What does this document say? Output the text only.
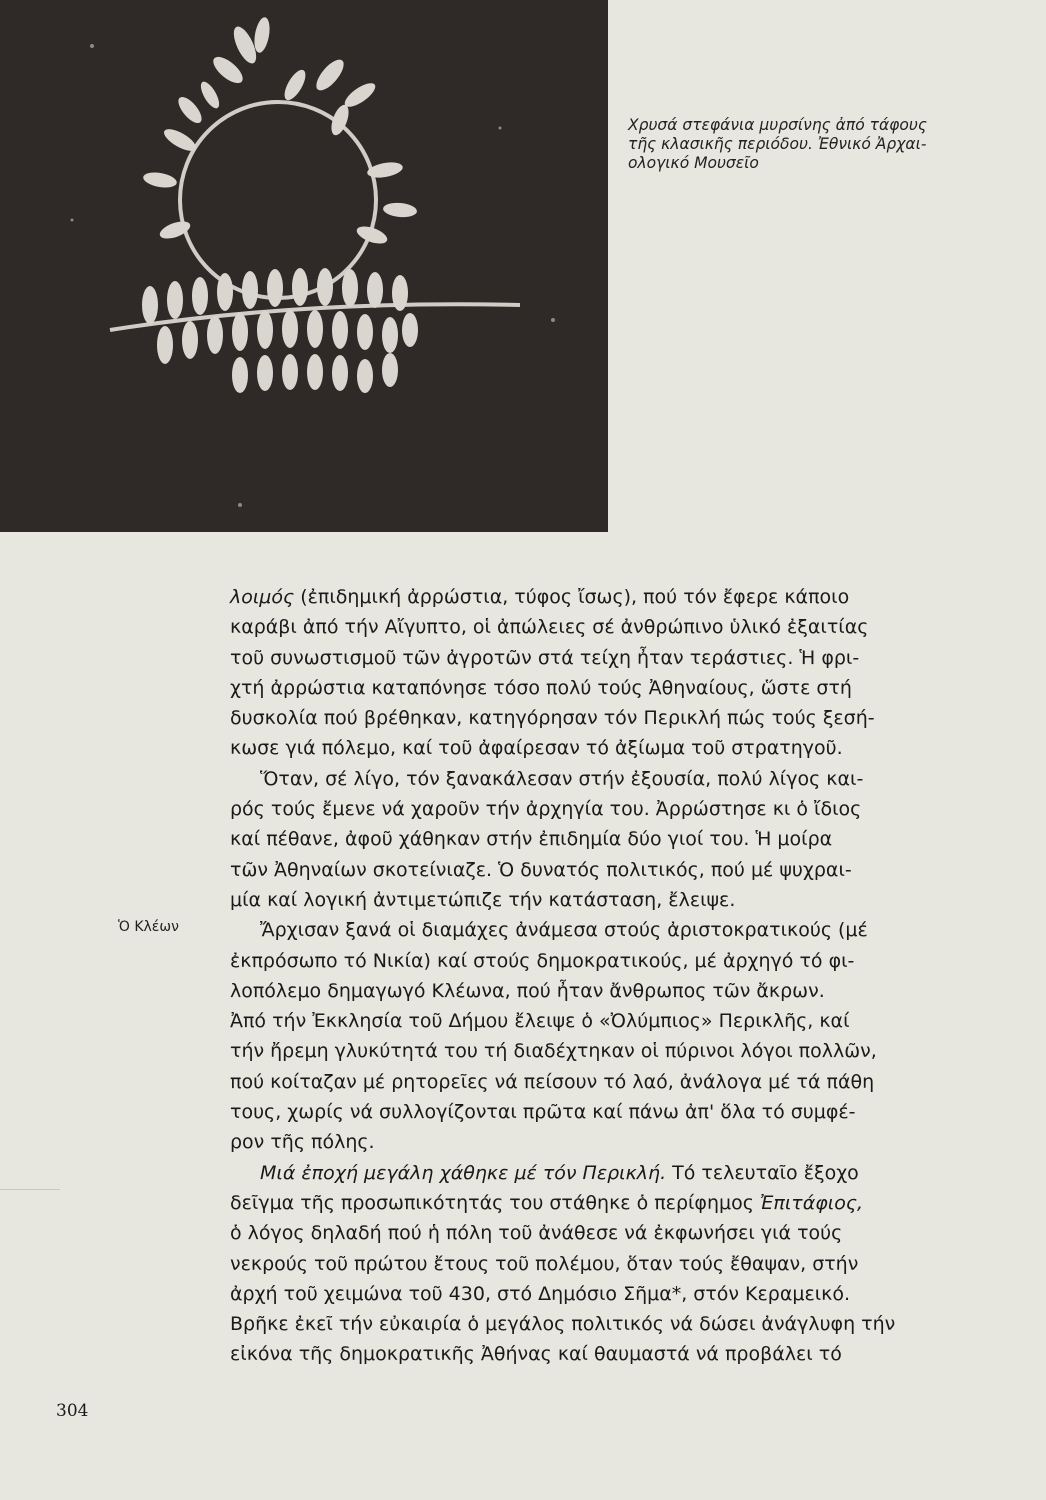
Χρυσά στεφάνια μυρσίνης ἀπό τάφους
τῆς κλασικῆς περιόδου. Ἐθνικό Ἀρχαι-
ολογικό Μουσεῖο
Ὁ Κλέων
λοιμός (ἐπιδημική ἀρρώστια, τύφος ἴσως), πού τόν ἔφερε κάποιο
καράβι ἀπό τήν Αἴγυπτο, οἱ ἀπώλειες σέ ἀνθρώπινο ὑλικό ἐξαιτίας
τοῦ συνωστισμοῦ τῶν ἀγροτῶν στά τείχη ἦταν τεράστιες. Ἡ φρι-
χτή ἀρρώστια καταπόνησε τόσο πολύ τούς Ἀθηναίους, ὥστε στή
δυσκολία πού βρέθηκαν, κατηγόρησαν τόν Περικλή πώς τούς ξεσή-
κωσε γιά πόλεμο, καί τοῦ ἀφαίρεσαν τό ἀξίωμα τοῦ στρατηγοῦ.
Ὅταν, σέ λίγο, τόν ξανακάλεσαν στήν ἐξουσία, πολύ λίγος και-
ρός τούς ἔμενε νά χαροῦν τήν ἀρχηγία του. Ἀρρώστησε κι ὁ ἴδιος
καί πέθανε, ἀφοῦ χάθηκαν στήν ἐπιδημία δύο γιοί του. Ἡ μοίρα
τῶν Ἀθηναίων σκοτείνιαζε. Ὁ δυνατός πολιτικός, πού μέ ψυχραι-
μία καί λογική ἀντιμετώπιζε τήν κατάσταση, ἔλειψε.
Ἄρχισαν ξανά οἱ διαμάχες ἀνάμεσα στούς ἀριστοκρατικούς (μέ
ἐκπρόσωπο τό Νικία) καί στούς δημοκρατικούς, μέ ἀρχηγό τό φι-
λοπόλεμο δημαγωγό Κλέωνα, πού ἦταν ἄνθρωπος τῶν ἄκρων.
Ἀπό τήν Ἐκκλησία τοῦ Δήμου ἔλειψε ὁ «Ὀλύμπιος» Περικλῆς, καί
τήν ἤρεμη γλυκύτητά του τή διαδέχτηκαν οἱ πύρινοι λόγοι πολλῶν,
πού κοίταζαν μέ ρητορεῖες νά πείσουν τό λαό, ἀνάλογα μέ τά πάθη
τους, χωρίς νά συλλογίζονται πρῶτα καί πάνω ἀπ' ὅλα τό συμφέ-
ρον τῆς πόλης.
Μιά ἐποχή μεγάλη χάθηκε μέ τόν Περικλή. Τό τελευταῖο ἔξοχο
δεῖγμα τῆς προσωπικότητάς του στάθηκε ὁ περίφημος Ἐπιτάφιος,
ὁ λόγος δηλαδή πού ἡ πόλη τοῦ ἀνάθεσε νά ἐκφωνήσει γιά τούς
νεκρούς τοῦ πρώτου ἔτους τοῦ πολέμου, ὅταν τούς ἔθαψαν, στήν
ἀρχή τοῦ χειμώνα τοῦ 430, στό Δημόσιο Σῆμα*, στόν Κεραμεικό.
Βρῆκε ἐκεῖ τήν εὐκαιρία ὁ μεγάλος πολιτικός νά δώσει ἀνάγλυφη τήν
εἰκόνα τῆς δημοκρατικῆς Ἀθήνας καί θαυμαστά νά προβάλει τό
304
